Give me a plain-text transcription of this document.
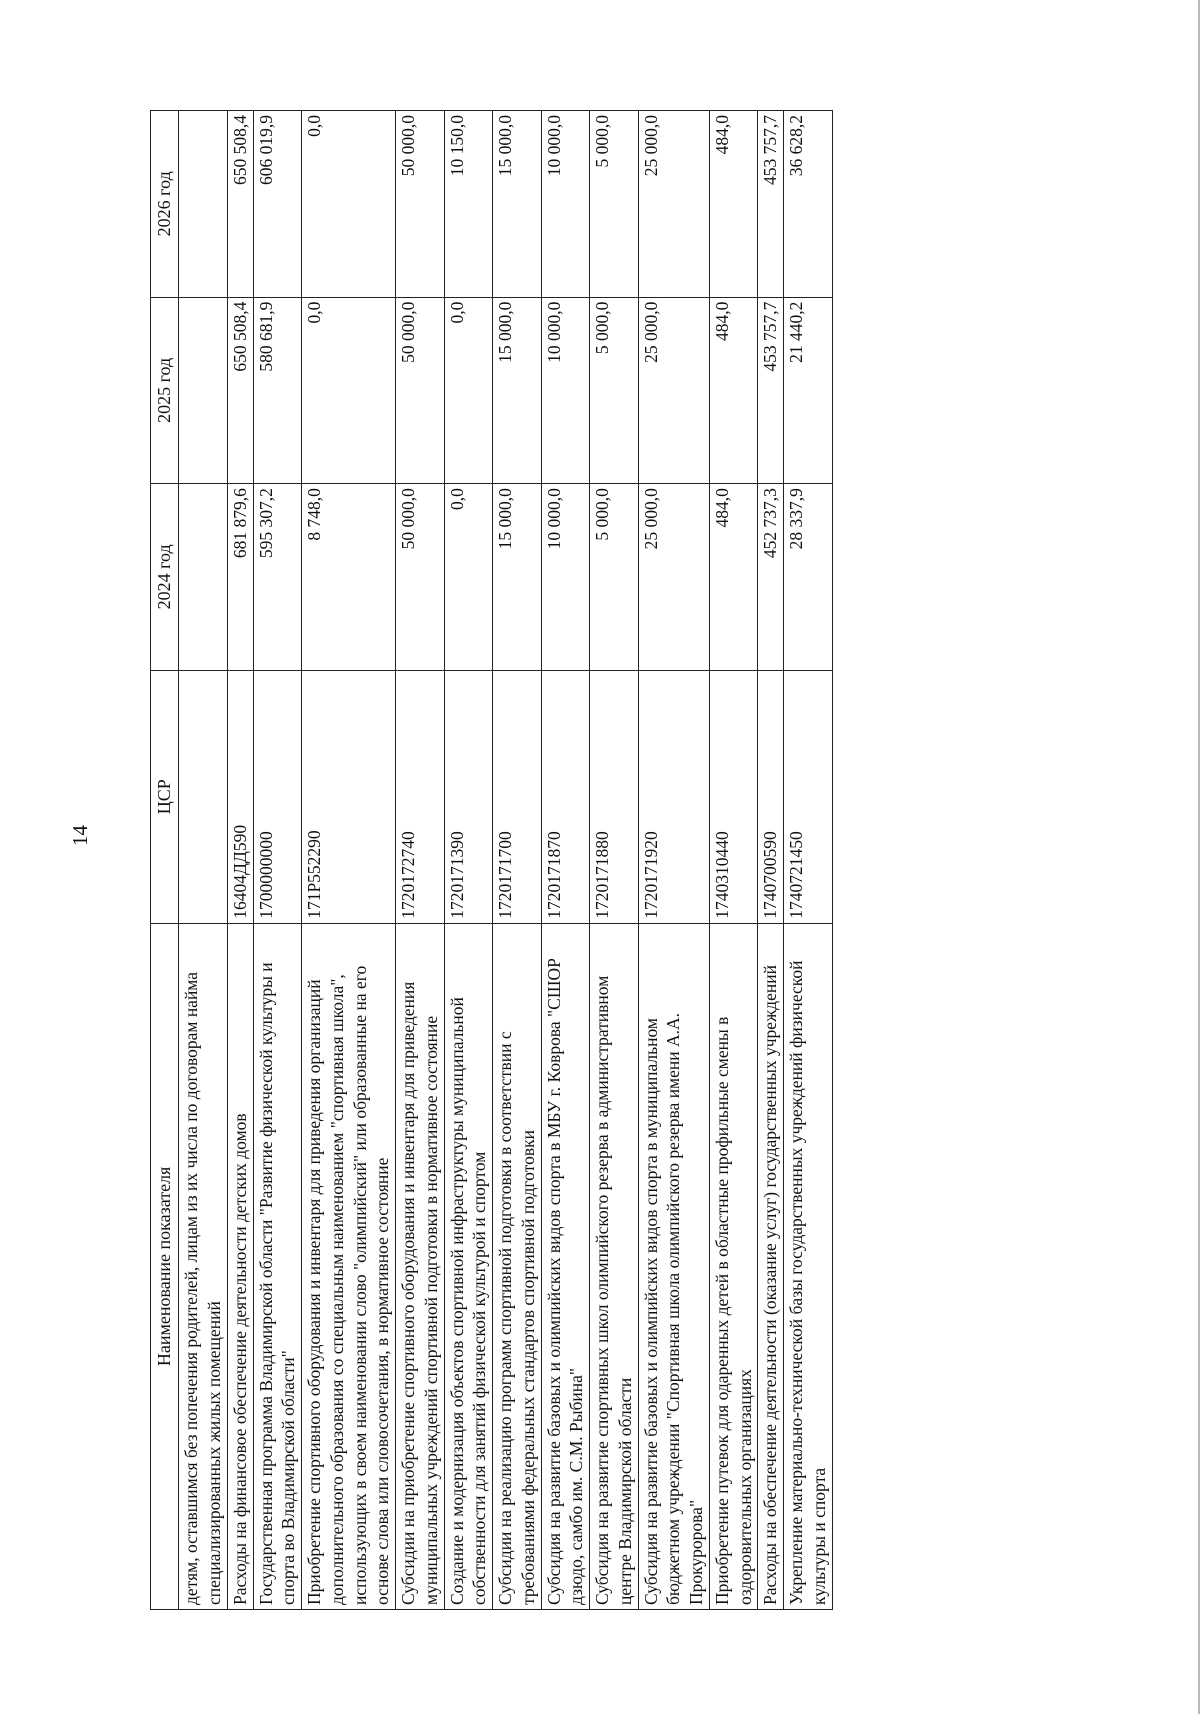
14
Наименование показателя	ЦСР	2024 год	2025 год	2026 год
детям, оставшимся без попечения родителей, лицам из их числа по договорам найма специализированных жилых помещений				
Расходы на финансовое обеспечение деятельности детских домов	16404ДД590	681 879,6	650 508,4	650 508,4
Государственная программа Владимирской области "Развитие физической культуры и спорта во Владимирской области"	1700000000	595 307,2	580 681,9	606 019,9
Приобретение спортивного оборудования и инвентаря для приведения организаций дополнительного образования со специальным наименованием "спортивная школа", использующих в своем наименовании слово "олимпийский" или образованные на его основе слова или словосочетания, в нормативное состояние	171P552290	8 748,0	0,0	0,0
Субсидии на приобретение спортивного оборудования и инвентаря для приведения муниципальных учреждений спортивной подготовки в нормативное состояние	1720172740	50 000,0	50 000,0	50 000,0
Создание и модернизация объектов спортивной инфраструктуры муниципальной собственности для занятий физической культурой и спортом	1720171390	0,0	0,0	10 150,0
Субсидии на реализацию программ спортивной подготовки в соответствии с требованиями федеральных стандартов спортивной подготовки	1720171700	15 000,0	15 000,0	15 000,0
Субсидия на развитие базовых и олимпийских видов спорта в МБУ г. Коврова "СШОР дзюдо, самбо им. С.М. Рыбина"	1720171870	10 000,0	10 000,0	10 000,0
Субсидия на развитие спортивных школ олимпийского резерва в административном центре Владимирской области	1720171880	5 000,0	5 000,0	5 000,0
Субсидия на развитие базовых и олимпийских видов спорта в муниципальном бюджетном учреждении "Спортивная школа олимпийского резерва имени А.А. Прокуророва"	1720171920	25 000,0	25 000,0	25 000,0
Приобретение путевок для одаренных детей в областные профильные смены в оздоровительных организациях	1740310440	484,0	484,0	484,0
Расходы на обеспечение деятельности (оказание услуг) государственных учреждений	1740700590	452 737,3	453 757,7	453 757,7
Укрепление материально-технической базы государственных учреждений физической культуры и спорта	1740721450	28 337,9	21 440,2	36 628,2
